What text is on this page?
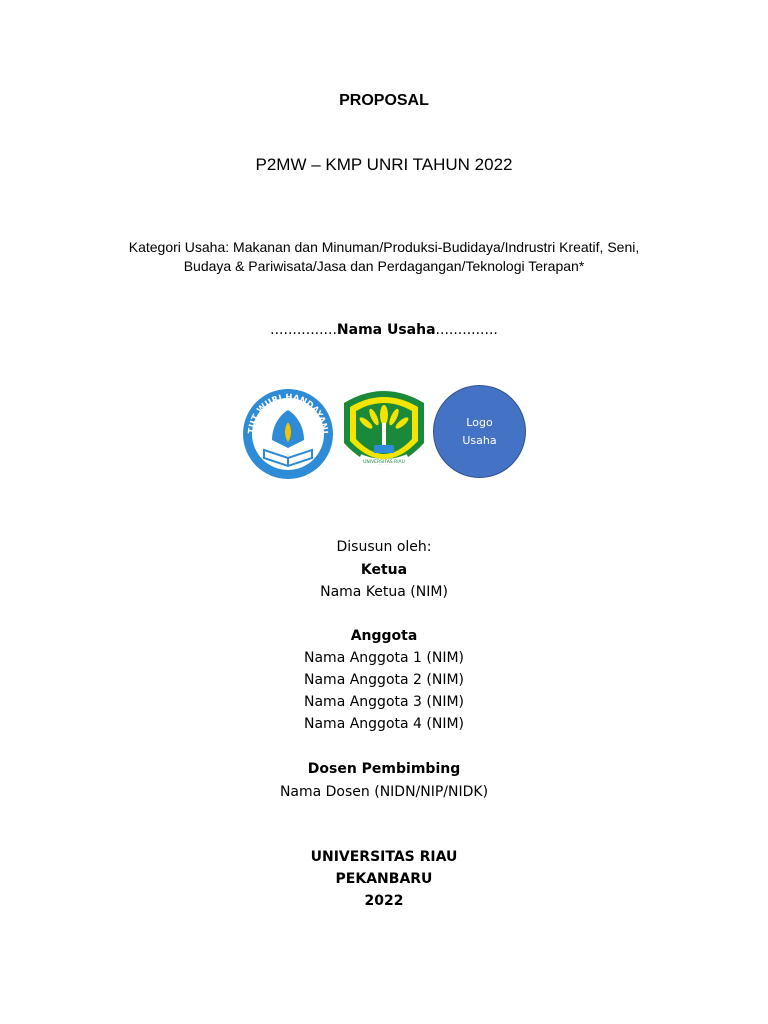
PROPOSAL
P2MW – KMP UNRI TAHUN 2022
Kategori Usaha: Makanan dan Minuman/Produksi-Budidaya/Indrustri Kreatif, Seni,
Budaya & Pariwisata/Jasa dan Perdagangan/Teknologi Terapan*
...............Nama Usaha..............
TUT WURI HANDAYANI
UNIVERSITAS RIAU
Logo
Usaha
Disusun oleh:
Ketua
Nama Ketua (NIM)
Anggota
Nama Anggota 1 (NIM)
Nama Anggota 2 (NIM)
Nama Anggota 3 (NIM)
Nama Anggota 4 (NIM)
Dosen Pembimbing
Nama Dosen (NIDN/NIP/NIDK)
UNIVERSITAS RIAU
PEKANBARU
2022
